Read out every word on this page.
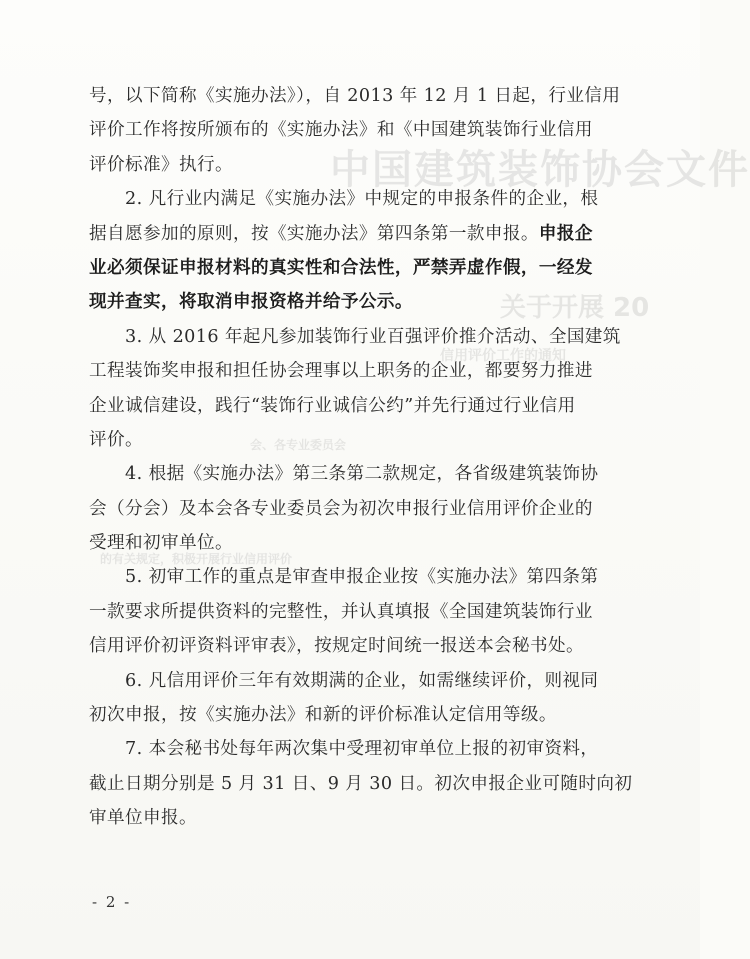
中国建筑装饰协会文件
关于开展 20
信用评价工作的通知
会、各专业委员会
的有关规定，积极开展行业信用评价
号，以下简称《实施办法》），自 2013 年 12 月 1 日起，行业信用
评价工作将按所颁布的《实施办法》和《中国建筑装饰行业信用
评价标准》执行。
2. 凡行业内满足《实施办法》中规定的申报条件的企业，根
据自愿参加的原则，按《实施办法》第四条第一款申报。申报企
业必须保证申报材料的真实性和合法性，严禁弄虚作假，一经发
现并查实，将取消申报资格并给予公示。
3. 从 2016 年起凡参加装饰行业百强评价推介活动、全国建筑
工程装饰奖申报和担任协会理事以上职务的企业，都要努力推进
企业诚信建设，践行“装饰行业诚信公约”并先行通过行业信用
评价。
4. 根据《实施办法》第三条第二款规定，各省级建筑装饰协
会（分会）及本会各专业委员会为初次申报行业信用评价企业的
受理和初审单位。
5. 初审工作的重点是审查申报企业按《实施办法》第四条第
一款要求所提供资料的完整性，并认真填报《全国建筑装饰行业
信用评价初评资料评审表》，按规定时间统一报送本会秘书处。
6. 凡信用评价三年有效期满的企业，如需继续评价，则视同
初次申报，按《实施办法》和新的评价标准认定信用等级。
7. 本会秘书处每年两次集中受理初审单位上报的初审资料，
截止日期分别是 5 月 31 日、9 月 30 日。初次申报企业可随时向初
审单位申报。
- 2 -
